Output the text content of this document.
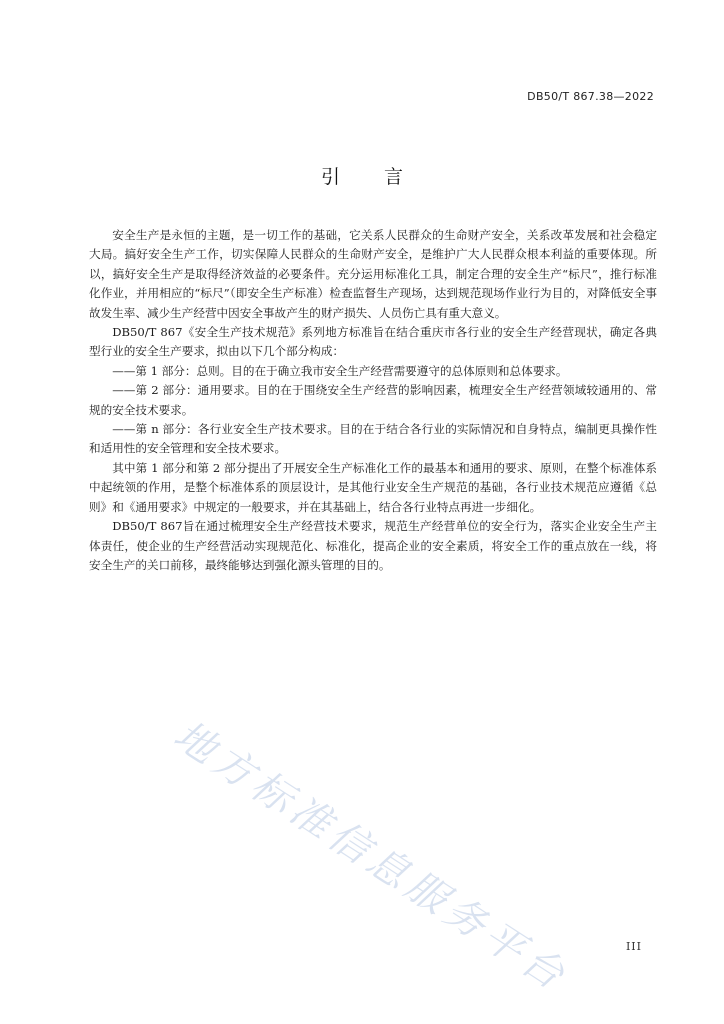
DB50/T 867.38—2022
引言

安全生产是永恒的主题，是一切工作的基础，它关系人民群众的生命财产安全，关系改革发展和社会稳定大局。搞好安全生产工作，切实保障人民群众的生命财产安全，是维护广大人民群众根本利益的重要体现。所以，搞好安全生产是取得经济效益的必要条件。充分运用标准化工具，制定合理的安全生产“标尺”，推行标准化作业，并用相应的“标尺”（即安全生产标准）检查监督生产现场，达到规范现场作业行为目的，对降低安全事故发生率、减少生产经营中因安全事故产生的财产损失、人员伤亡具有重大意义。

DB50/T 867《安全生产技术规范》系列地方标准旨在结合重庆市各行业的安全生产经营现状，确定各典型行业的安全生产要求，拟由以下几个部分构成：

——第 1 部分：总则。目的在于确立我市安全生产经营需要遵守的总体原则和总体要求。

——第 2 部分：通用要求。目的在于围绕安全生产经营的影响因素，梳理安全生产经营领域较通用的、常规的安全技术要求。

——第 n 部分：各行业安全生产技术要求。目的在于结合各行业的实际情况和自身特点，编制更具操作性和适用性的安全管理和安全技术要求。

其中第 1 部分和第 2 部分提出了开展安全生产标准化工作的最基本和通用的要求、原则，在整个标准体系中起统领的作用，是整个标准体系的顶层设计，是其他行业安全生产规范的基础，各行业技术规范应遵循《总则》和《通用要求》中规定的一般要求，并在其基础上，结合各行业特点再进一步细化。

DB50/T 867旨在通过梳理安全生产经营技术要求，规范生产经营单位的安全行为，落实企业安全生产主体责任，使企业的生产经营活动实现规范化、标准化，提高企业的安全素质，将安全工作的重点放在一线，将安全生产的关口前移，最终能够达到强化源头管理的目的。

地方标准信息服务平台	III
